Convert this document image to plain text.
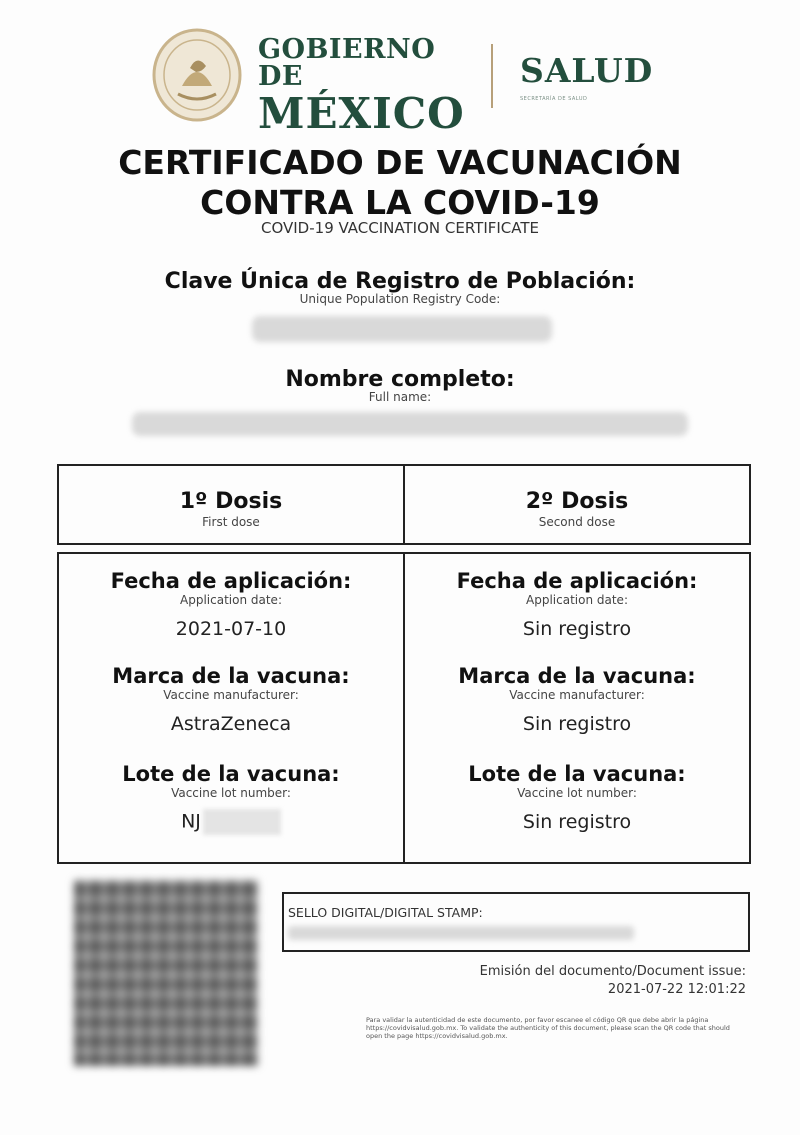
GOBIERNO DE
MÉXICO
SALUD
SECRETARÍA DE SALUD
CERTIFICADO DE VACUNACIÓN
CONTRA LA COVID-19
COVID-19 VACCINATION CERTIFICATE
Clave Única de Registro de Población:
Unique Population Registry Code:
Nombre completo:
Full name:
1º Dosis
First dose
2º Dosis
Second dose
Fecha de aplicación:
Application date:
2021-07-10
Marca de la vacuna:
Vaccine manufacturer:
AstraZeneca
Lote de la vacuna:
Vaccine lot number:
NJ
Fecha de aplicación:
Application date:
Sin registro
Marca de la vacuna:
Vaccine manufacturer:
Sin registro
Lote de la vacuna:
Vaccine lot number:
Sin registro
SELLO DIGITAL/DIGITAL STAMP:
Emisión del documento/Document issue:
2021-07-22 12:01:22
Para validar la autenticidad de este documento, por favor escanee el código QR que debe abrir la página https://covidvisalud.gob.mx. To validate the authenticity of this document, please scan the QR code that should open the page https://covidvisalud.gob.mx.
